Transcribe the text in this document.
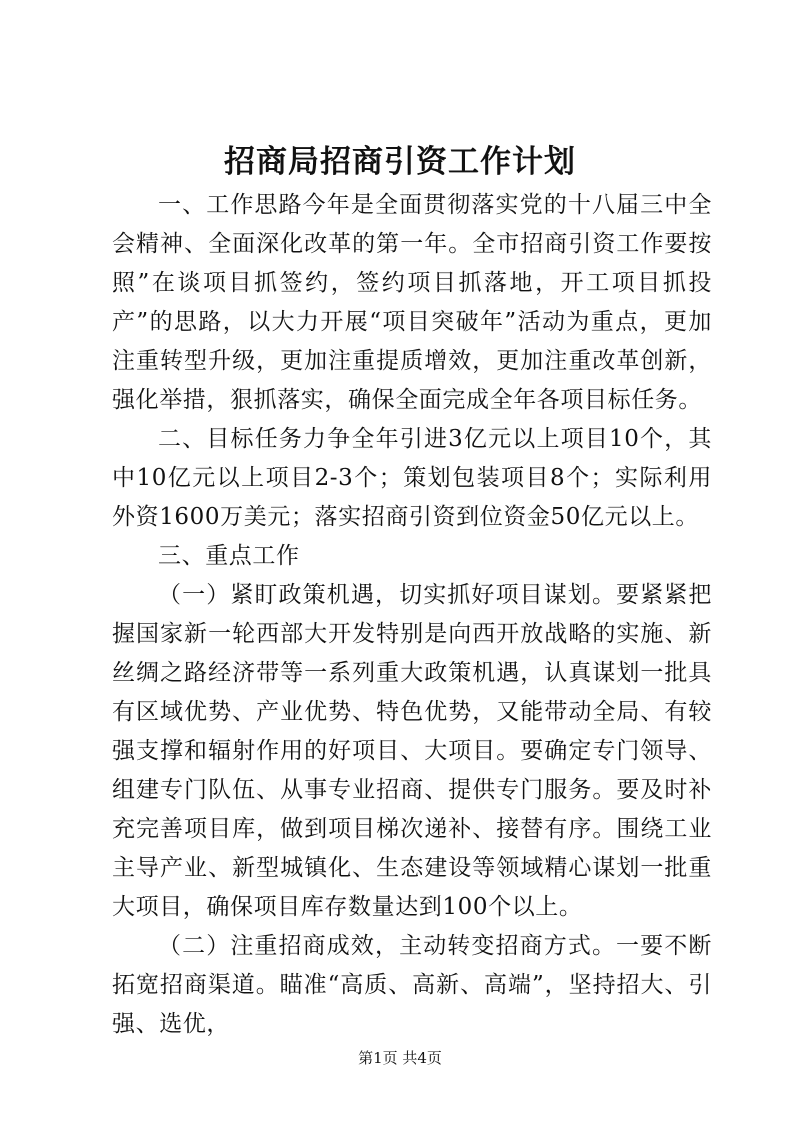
招商局招商引资工作计划

一、工作思路今年是全面贯彻落实党的十八届三中全会精神、全面深化改革的第一年。全市招商引资工作要按照”在谈项目抓签约，签约项目抓落地，开工项目抓投产”的思路，以大力开展“项目突破年”活动为重点，更加注重转型升级，更加注重提质增效，更加注重改革创新，强化举措，狠抓落实，确保全面完成全年各项目标任务。

二、目标任务力争全年引进3亿元以上项目10个，其中10亿元以上项目2-3个；策划包装项目8个；实际利用外资1600万美元；落实招商引资到位资金50亿元以上。

三、重点工作

（一）紧盯政策机遇，切实抓好项目谋划。要紧紧把握国家新一轮西部大开发特别是向西开放战略的实施、新丝绸之路经济带等一系列重大政策机遇，认真谋划一批具有区域优势、产业优势、特色优势，又能带动全局、有较强支撑和辐射作用的好项目、大项目。要确定专门领导、组建专门队伍、从事专业招商、提供专门服务。要及时补充完善项目库，做到项目梯次递补、接替有序。围绕工业主导产业、新型城镇化、生态建设等领域精心谋划一批重大项目，确保项目库存数量达到100个以上。

（二）注重招商成效，主动转变招商方式。一要不断拓宽招商渠道。瞄准“高质、高新、高端”，坚持招大、引强、选优，

第1页 共4页
